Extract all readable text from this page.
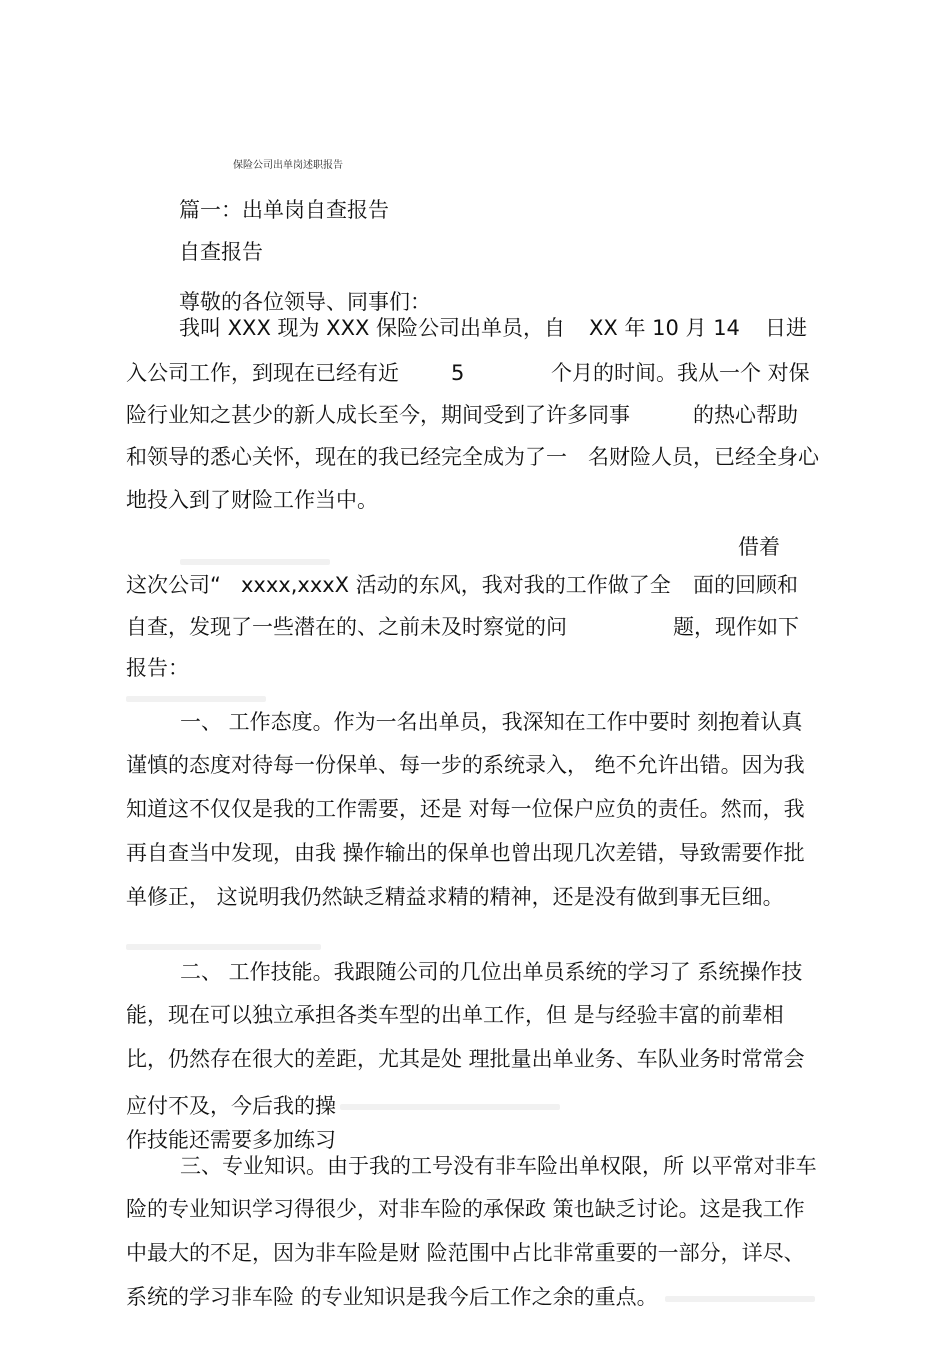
保险公司出单岗述职报告
篇一：出单岗自查报告
自查报告
尊敬的各位领导、同事们：
我叫 XXX 现为 XXX 保险公司出单员，自 XX 年 10 月 14 日进
入公司工作，到现在已经有近 5	个月的时间。我从一个 对保
险行业知之甚少的新人成长至今，期间受到了许多同事	的热心帮助
和领导的悉心关怀，现在的我已经完全成为了一 名财险人员，已经全身心
地投入到了财险工作当中。
借着
这次公司“ xxxx,xxxX 活动的东风，我对我的工作做了全 面的回顾和
自查，发现了一些潜在的、之前未及时察觉的问	题，现作如下
报告：
一、 工作态度。作为一名出单员，我深知在工作中要时 刻抱着认真
谨慎的态度对待每一份保单、每一步的系统录入， 绝不允许出错。因为我
知道这不仅仅是我的工作需要，还是 对每一位保户应负的责任。然而，我
再自查当中发现，由我 操作输出的保单也曾出现几次差错，导致需要作批
单修正， 这说明我仍然缺乏精益求精的精神，还是没有做到事无巨细。
二、 工作技能。我跟随公司的几位出单员系统的学习了 系统操作技
能，现在可以独立承担各类车型的出单工作，但 是与经验丰富的前辈相
比，仍然存在很大的差距，尤其是处 理批量出单业务、车队业务时常常会
应付不及，今后我的操
作技能还需要多加练习
三、专业知识。由于我的工号没有非车险出单权限，所 以平常对非车
险的专业知识学习得很少，对非车险的承保政 策也缺乏讨论。这是我工作
中最大的不足，因为非车险是财 险范围中占比非常重要的一部分，详尽、
系统的学习非车险 的专业知识是我今后工作之余的重点。
